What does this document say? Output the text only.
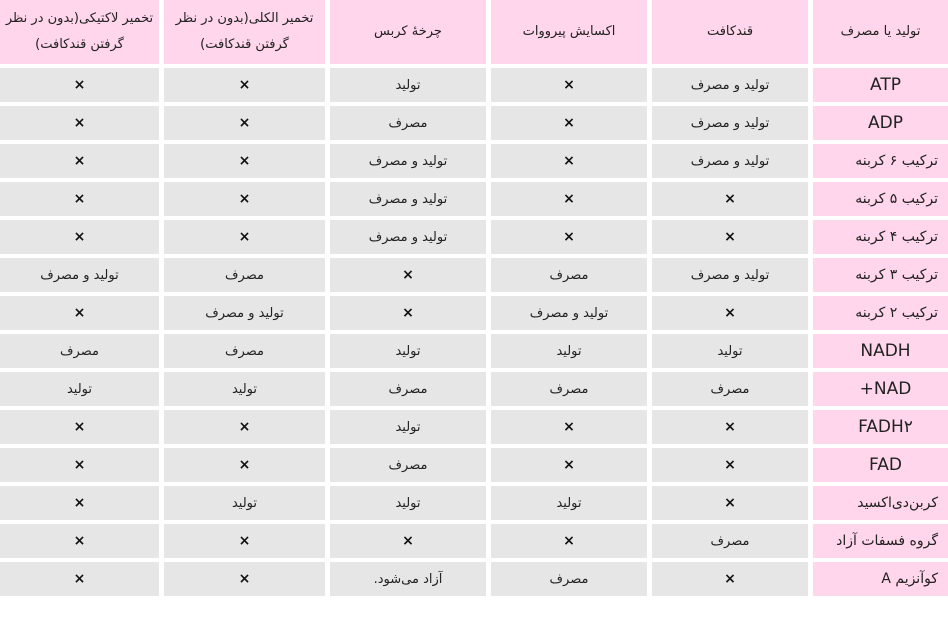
تولید یا مصرف	قندکافت	اکسایش پیرووات	چرخهٔ کربس	تخمیر الکلی(بدون در نظر گرفتن قندکافت)	تخمیر لاکتیکی(بدون در نظر گرفتن قندکافت)
ATP	تولید و مصرف	×	تولید	×	×
ADP	تولید و مصرف	×	مصرف	×	×
ترکیب ۶ کربنه	تولید و مصرف	×	تولید و مصرف	×	×
ترکیب ۵ کربنه	×	×	تولید و مصرف	×	×
ترکیب ۴ کربنه	×	×	تولید و مصرف	×	×
ترکیب ۳ کربنه	تولید و مصرف	مصرف	×	مصرف	تولید و مصرف
ترکیب ۲ کربنه	×	تولید و مصرف	×	تولید و مصرف	×
NADH	تولید	تولید	تولید	مصرف	مصرف
NAD+	مصرف	مصرف	مصرف	تولید	تولید
FADH۲	×	×	تولید	×	×
FAD	×	×	مصرف	×	×
کربن‌دی‌اکسید	×	تولید	تولید	تولید	×
گروه فسفات آزاد	مصرف	×	×	×	×
کوآنزیم A	×	مصرف	آزاد می‌شود.	×	×
